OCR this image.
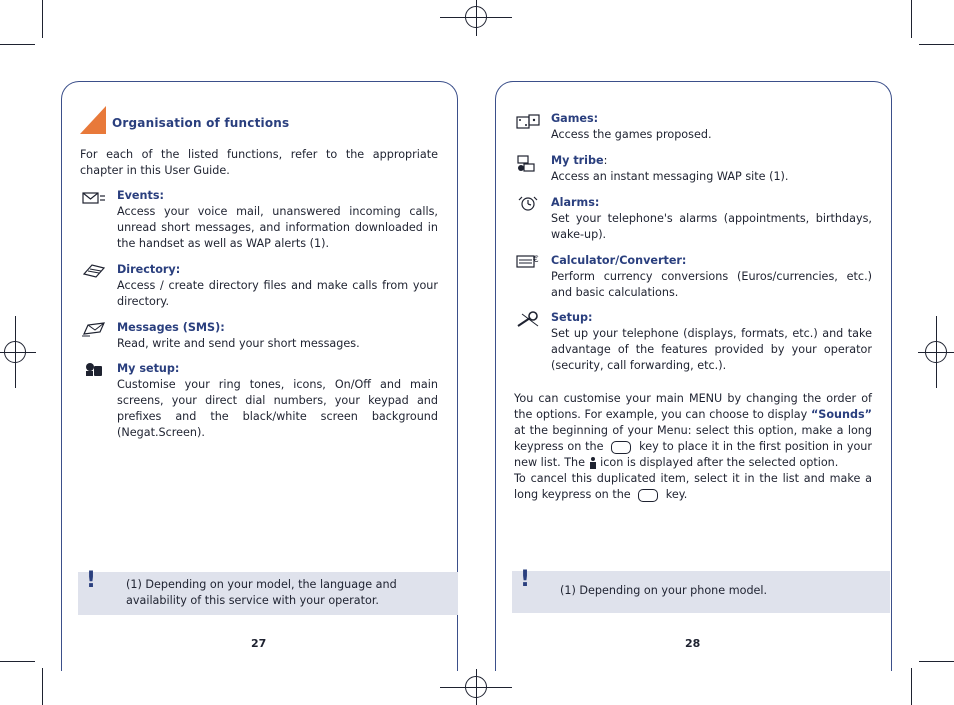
Organisation of functions
For each of the listed functions, refer to the appropriate chapter in this User Guide.
Events:
Access your voice mail, unanswered incoming calls, unread short messages, and information downloaded in the handset as well as WAP alerts (1).
Directory:
Access / create directory files and make calls from your directory.
Messages (SMS):
Read, write and send your short messages.
My setup:
Customise your ring tones, icons, On/Off and main screens, your direct dial numbers, your keypad and prefixes and the black/white screen background (Negat.Screen).
!	(1) Depending on your model, the language and availability of this service with your operator.
27
Games:
Access the games proposed.
My tribe:
Access an instant messaging WAP site (1).
Alarms:
Set your telephone's alarms (appointments, birthdays, wake-up).
€ Calculator/Converter:
Perform currency conversions (Euros/currencies, etc.) and basic calculations.
Setup:
Set up your telephone (displays, formats, etc.) and take advantage of the features provided by your operator (security, call forwarding, etc.).
You can customise your main MENU by changing the order of the options. For example, you can choose to display “Sounds” at the beginning of your Menu: select this option, make a long keypress on the	key to place it in the first position in your new list. The  icon is displayed after the selected option.
To cancel this duplicated item, select it in the list and make a long keypress on the	key.
!	(1) Depending on your phone model.
28
